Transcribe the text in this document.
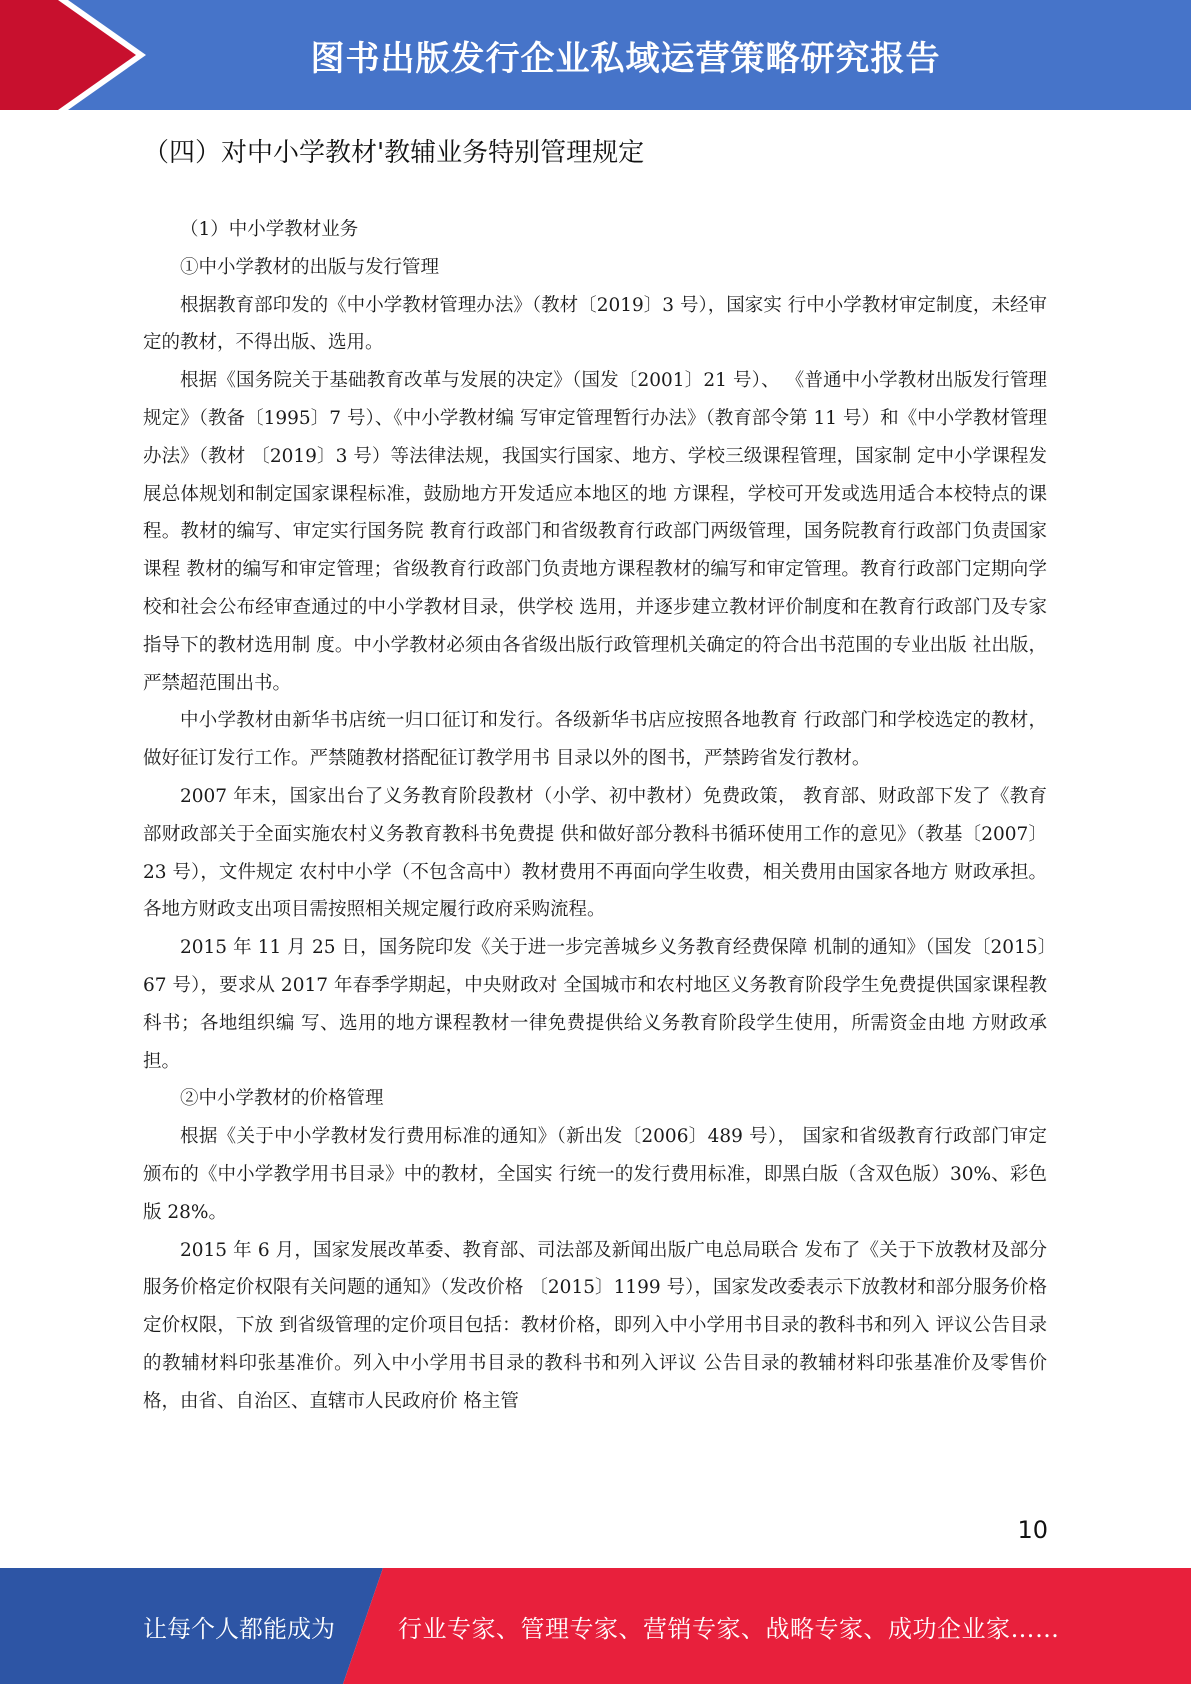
图书出版发行企业私域运营策略研究报告
（四）对中小学教材'教辅业务特别管理规定

（1）中小学教材业务

①中小学教材的出版与发行管理

根据教育部印发的《中小学教材管理办法》（教材〔2019〕3 号），国家实 行中小学教材审定制度，未经审定的教材，不得出版、选用。

根据《国务院关于基础教育改革与发展的决定》（国发〔2001〕21 号）、 《普通中小学教材出版发行管理规定》（教备〔1995〕7 号）、《中小学教材编 写审定管理暂行办法》（教育部令第 11 号）和《中小学教材管理办法》（教材 〔2019〕3 号）等法律法规，我国实行国家、地方、学校三级课程管理，国家制 定中小学课程发展总体规划和制定国家课程标准，鼓励地方开发适应本地区的地 方课程，学校可开发或选用适合本校特点的课程。教材的编写、审定实行国务院 教育行政部门和省级教育行政部门两级管理，国务院教育行政部门负责国家课程 教材的编写和审定管理；省级教育行政部门负责地方课程教材的编写和审定管理。教育行政部门定期向学校和社会公布经审查通过的中小学教材目录，供学校 选用，并逐步建立教材评价制度和在教育行政部门及专家指导下的教材选用制 度。中小学教材必须由各省级出版行政管理机关确定的符合出书范围的专业出版 社出版，严禁超范围出书。

中小学教材由新华书店统一归口征订和发行。各级新华书店应按照各地教育 行政部门和学校选定的教材，做好征订发行工作。严禁随教材搭配征订教学用书 目录以外的图书，严禁跨省发行教材。

2007 年末，国家出台了义务教育阶段教材（小学、初中教材）免费政策， 教育部、财政部下发了《教育部财政部关于全面实施农村义务教育教科书免费提 供和做好部分教科书循环使用工作的意见》（教基〔2007〕23 号），文件规定 农村中小学（不包含高中）教材费用不再面向学生收费，相关费用由国家各地方 财政承担。各地方财政支出项目需按照相关规定履行政府采购流程。

2015 年 11 月 25 日，国务院印发《关于进一步完善城乡义务教育经费保障 机制的通知》（国发〔2015〕67 号），要求从 2017 年春季学期起，中央财政对 全国城市和农村地区义务教育阶段学生免费提供国家课程教科书；各地组织编 写、选用的地方课程教材一律免费提供给义务教育阶段学生使用，所需资金由地 方财政承担。

②中小学教材的价格管理

根据《关于中小学教材发行费用标准的通知》（新出发〔2006〕489 号）， 国家和省级教育行政部门审定颁布的《中小学教学用书目录》中的教材，全国实 行统一的发行费用标准，即黑白版（含双色版）30%、彩色版 28%。

2015 年 6 月，国家发展改革委、教育部、司法部及新闻出版广电总局联合 发布了《关于下放教材及部分服务价格定价权限有关问题的通知》（发改价格 〔2015〕1199 号），国家发改委表示下放教材和部分服务价格定价权限，下放 到省级管理的定价项目包括：教材价格，即列入中小学用书目录的教科书和列入 评议公告目录的教辅材料印张基准价。列入中小学用书目录的教科书和列入评议 公告目录的教辅材料印张基准价及零售价格，由省、自治区、直辖市人民政府价 格主管

10
让每个人都能成为	行业专家、管理专家、营销专家、战略专家、成功企业家……
